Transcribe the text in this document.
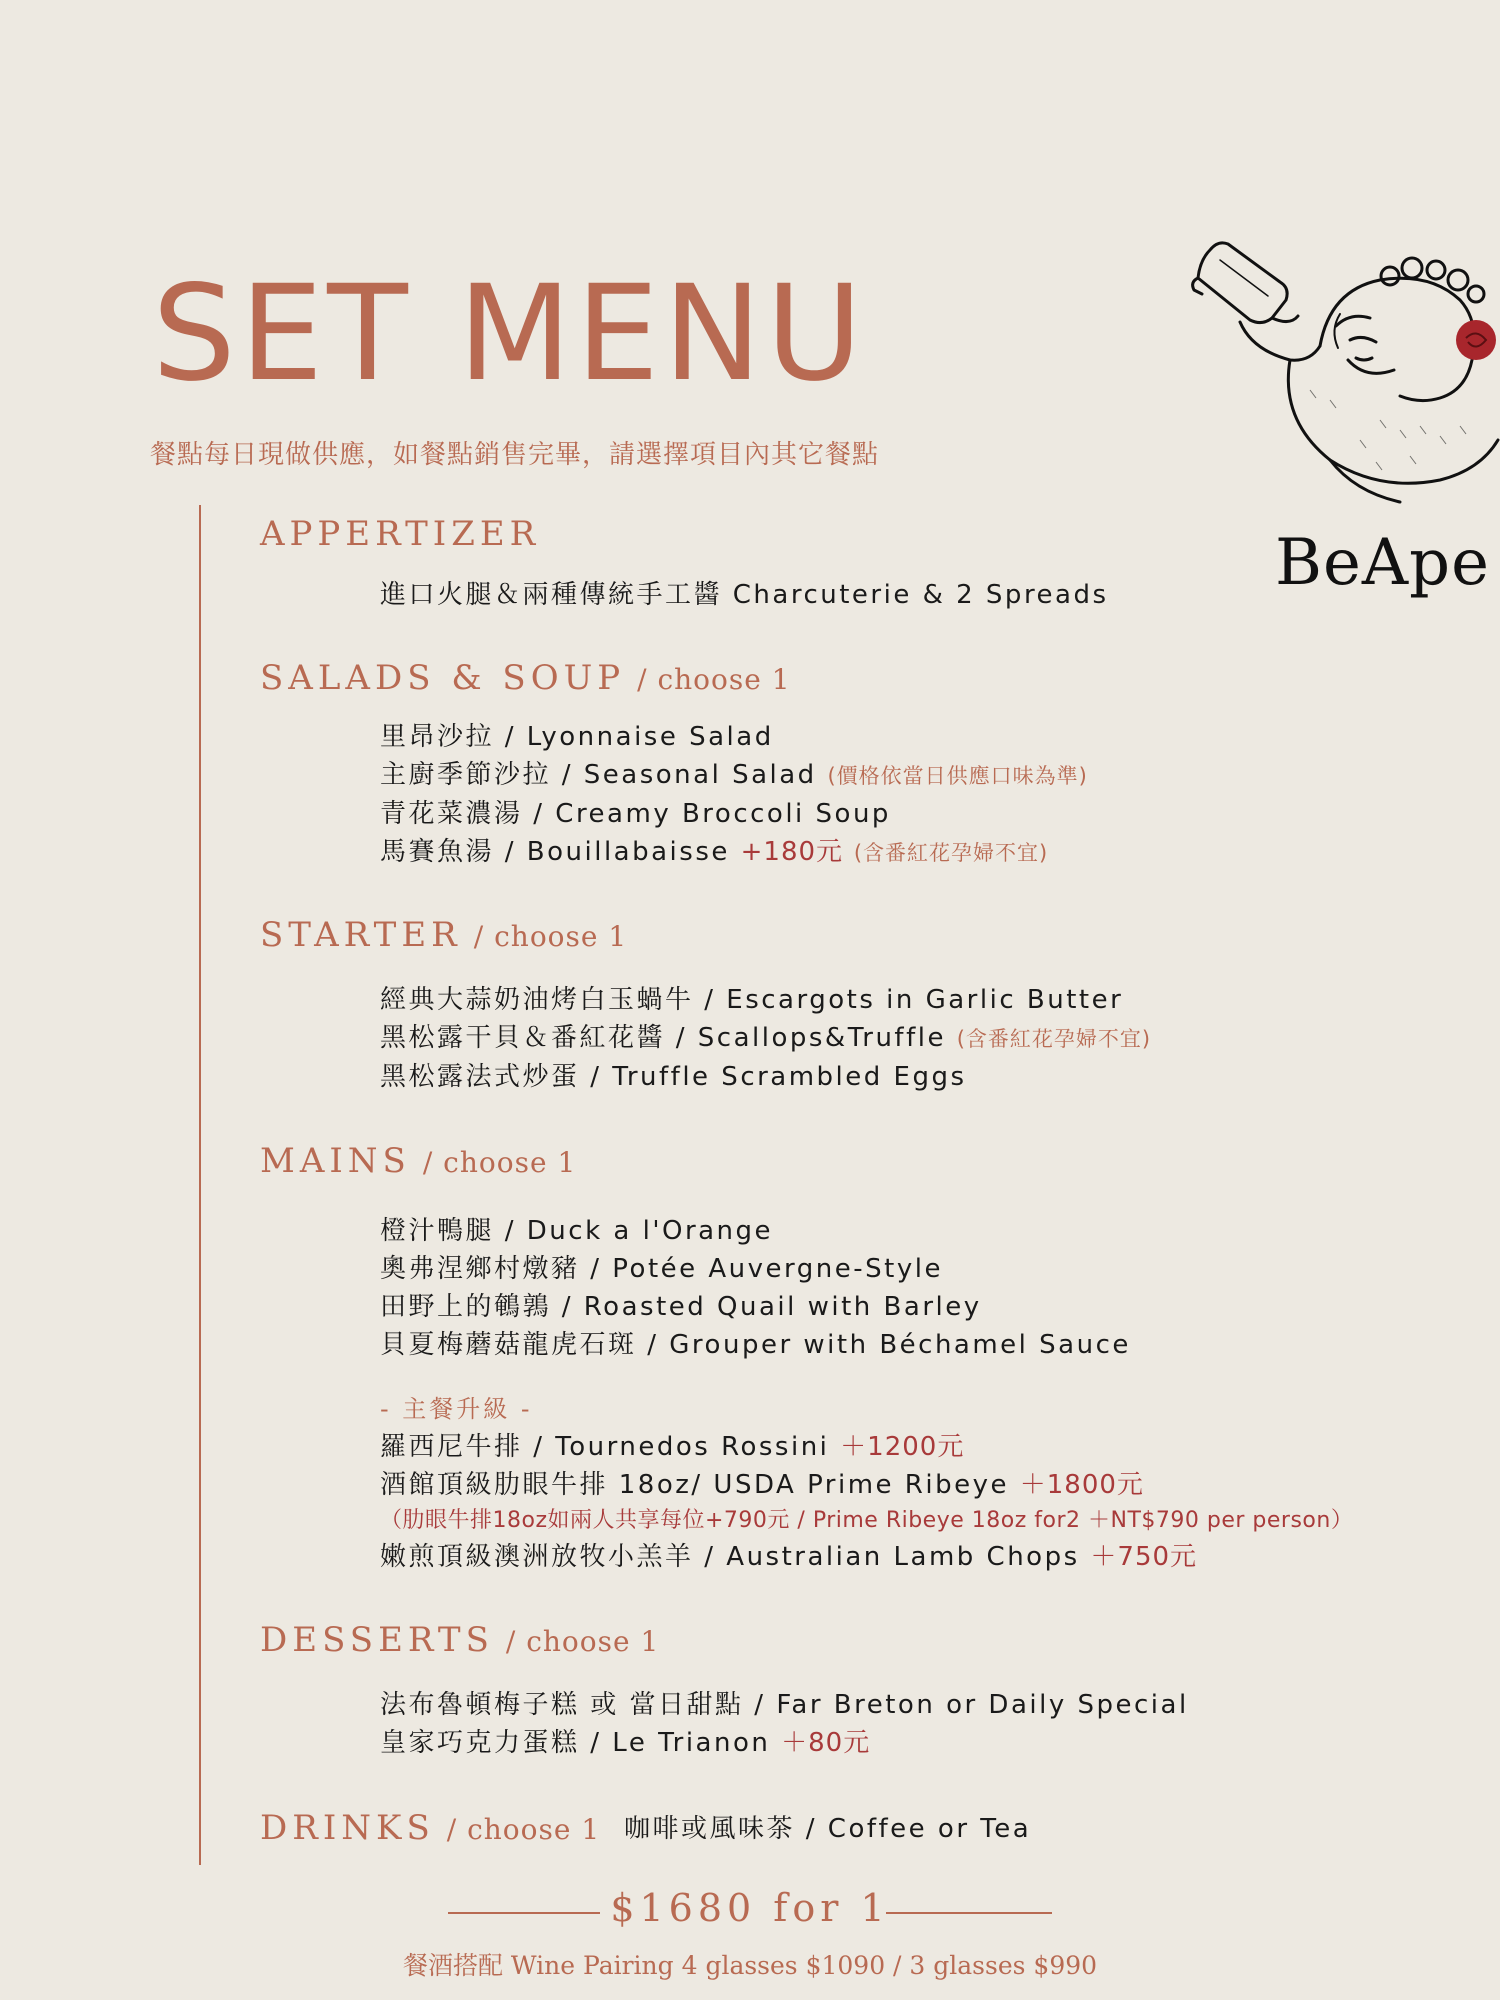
SET MENU
餐點每日現做供應，如餐點銷售完畢，請選擇項目內其它餐點
BeApe
APPERTIZER
進口火腿＆兩種傳統手工醬 Charcuterie & 2 Spreads
SALADS & SOUP / choose 1
里昂沙拉 / Lyonnaise Salad
主廚季節沙拉 / Seasonal Salad (價格依當日供應口味為準)
青花菜濃湯 / Creamy Broccoli Soup
馬賽魚湯 / Bouillabaisse +180元 (含番紅花孕婦不宜)
STARTER / choose 1
經典大蒜奶油烤白玉蝸牛 / Escargots in Garlic Butter
黑松露干貝＆番紅花醬 / Scallops&Truffle (含番紅花孕婦不宜)
黑松露法式炒蛋 / Truffle Scrambled Eggs
MAINS / choose 1
橙汁鴨腿 / Duck a l'Orange
奧弗涅鄉村燉豬 / Potée Auvergne-Style
田野上的鵪鶉 / Roasted Quail with Barley
貝夏梅蘑菇龍虎石斑 / Grouper with Béchamel Sauce
- 主餐升級 -
羅西尼牛排 / Tournedos Rossini ＋1200元
酒館頂級肋眼牛排 18oz/ USDA Prime Ribeye ＋1800元
（肋眼牛排18oz如兩人共享每位+790元 / Prime Ribeye 18oz for2 ＋NT$790 per person）
嫩煎頂級澳洲放牧小羔羊 / Australian Lamb Chops ＋750元
DESSERTS / choose 1
法布魯頓梅子糕 或 當日甜點 / Far Breton or Daily Special
皇家巧克力蛋糕 / Le Trianon ＋80元
DRINKS / choose 1 咖啡或風味茶 / Coffee or Tea
$1680 for 1
餐酒搭配 Wine Pairing 4 glasses $1090 / 3 glasses $990
